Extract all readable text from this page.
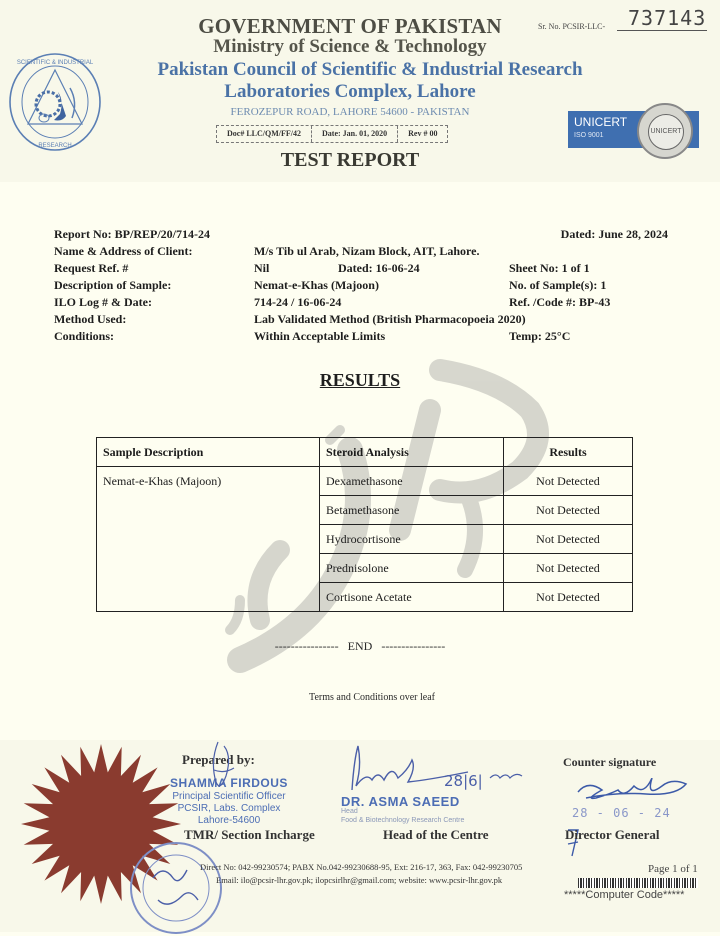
SCIENTIFIC & INDUSTRIAL
RESEARCH
GOVERNMENT OF PAKISTAN
Ministry of Science & Technology
Pakistan Council of Scientific & Industrial Research
Laboratories Complex, Lahore
FEROZEPUR ROAD, LAHORE 54600 - PAKISTAN
Doc# LLC/QM/FF/42	Date: Jan. 01, 2020	Rev # 00
TEST REPORT
Sr. No. PCSIR-LLC- 737143
UNICERT
ISO 9001
UNICERT
Report No: BP/REP/20/714-24	Dated: June 28, 2024
Name & Address of Client:	M/s Tib ul Arab, Nizam Block, AIT, Lahore.
Request Ref. #	Nil	Dated: 16-06-24	Sheet No: 1 of 1
Description of Sample:	Nemat-e-Khas (Majoon)	No. of Sample(s): 1
ILO Log # & Date:	714-24 / 16-06-24	Ref. /Code #: BP-43
Method Used:	Lab Validated Method (British Pharmacopoeia 2020)
Conditions:	Within Acceptable Limits	Temp: 25°C
RESULTS
Sample Description	Steroid Analysis	Results
Nemat-e-Khas (Majoon)	Dexamethasone	Not Detected
	Betamethasone	Not Detected
	Hydrocortisone	Not Detected
	Prednisolone	Not Detected
	Cortisone Acetate	Not Detected
----------------   END   ----------------
Terms and Conditions over leaf
Prepared by:
SHAMMA FIRDOUS
Principal Scientific Officer
PCSIR, Labs. Complex
Lahore-54600
TMR/ Section Incharge
28|6|
DR. ASMA SAEED
Head
Food & Biotechnology Research Centre
Head of the Centre
Counter signature
28 - 06 - 24
Director General
Direct No: 042-99230574; PABX No.042-99230688-95, Ext: 216-17, 363, Fax: 042-99230705
Email: ilo@pcsir-lhr.gov.pk; ilopcsirlhr@gmail.com; website: www.pcsir-lhr.gov.pk
Page 1 of 1
*****Computer Code*****
